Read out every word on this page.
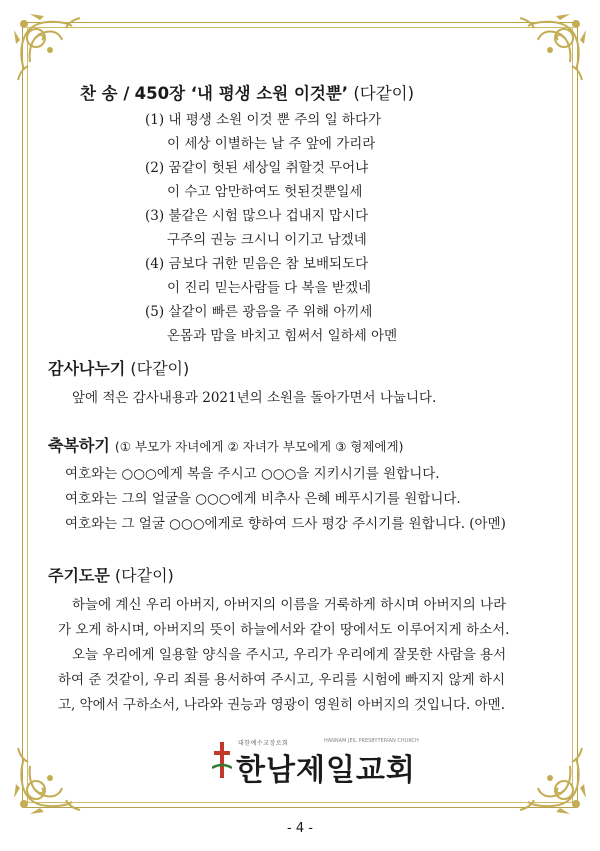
찬 송 / 450장 ‘내 평생 소원 이것뿐’ (다같이)
(1) 내 평생 소원 이것 뿐 주의 일 하다가
이 세상 이별하는 날 주 앞에 가리라
(2) 꿈같이 헛된 세상일 취할것 무어냐
이 수고 암만하여도 헛된것뿐일세
(3) 불같은 시험 많으나 겁내지 맙시다
구주의 권능 크시니 이기고 남겠네
(4) 금보다 귀한 믿음은 참 보배되도다
이 진리 믿는사람들 다 복을 받겠네
(5) 살같이 빠른 광음을 주 위해 아끼세
온몸과 맘을 바치고 힘써서 일하세 아멘
감사나누기 (다같이)
앞에 적은 감사내용과 2021년의 소원을 돌아가면서 나눕니다.
축복하기 (① 부모가 자녀에게 ② 자녀가 부모에게 ③ 형제에게)
여호와는 ○○○에게 복을 주시고 ○○○을 지키시기를 원합니다.
여호와는 그의 얼굴을 ○○○에게 비추사 은혜 베푸시기를 원합니다.
여호와는 그 얼굴 ○○○에게로 향하여 드사 평강 주시기를 원합니다. (아멘)
주기도문 (다같이)
하늘에 계신 우리 아버지, 아버지의 이름을 거룩하게 하시며 아버지의 나라
가 오게 하시며, 아버지의 뜻이 하늘에서와 같이 땅에서도 이루어지게 하소서.
오늘 우리에게 일용할 양식을 주시고, 우리가 우리에게 잘못한 사람을 용서
하여 준 것같이, 우리 죄를 용서하여 주시고, 우리를 시험에 빠지지 않게 하시
고, 악에서 구하소서, 나라와 권능과 영광이 영원히 아버지의 것입니다. 아멘.
대한예수교장로회	HANNAM JEIL PRESBYTERIAN CHURCH
한남제일교회
- 4 -
